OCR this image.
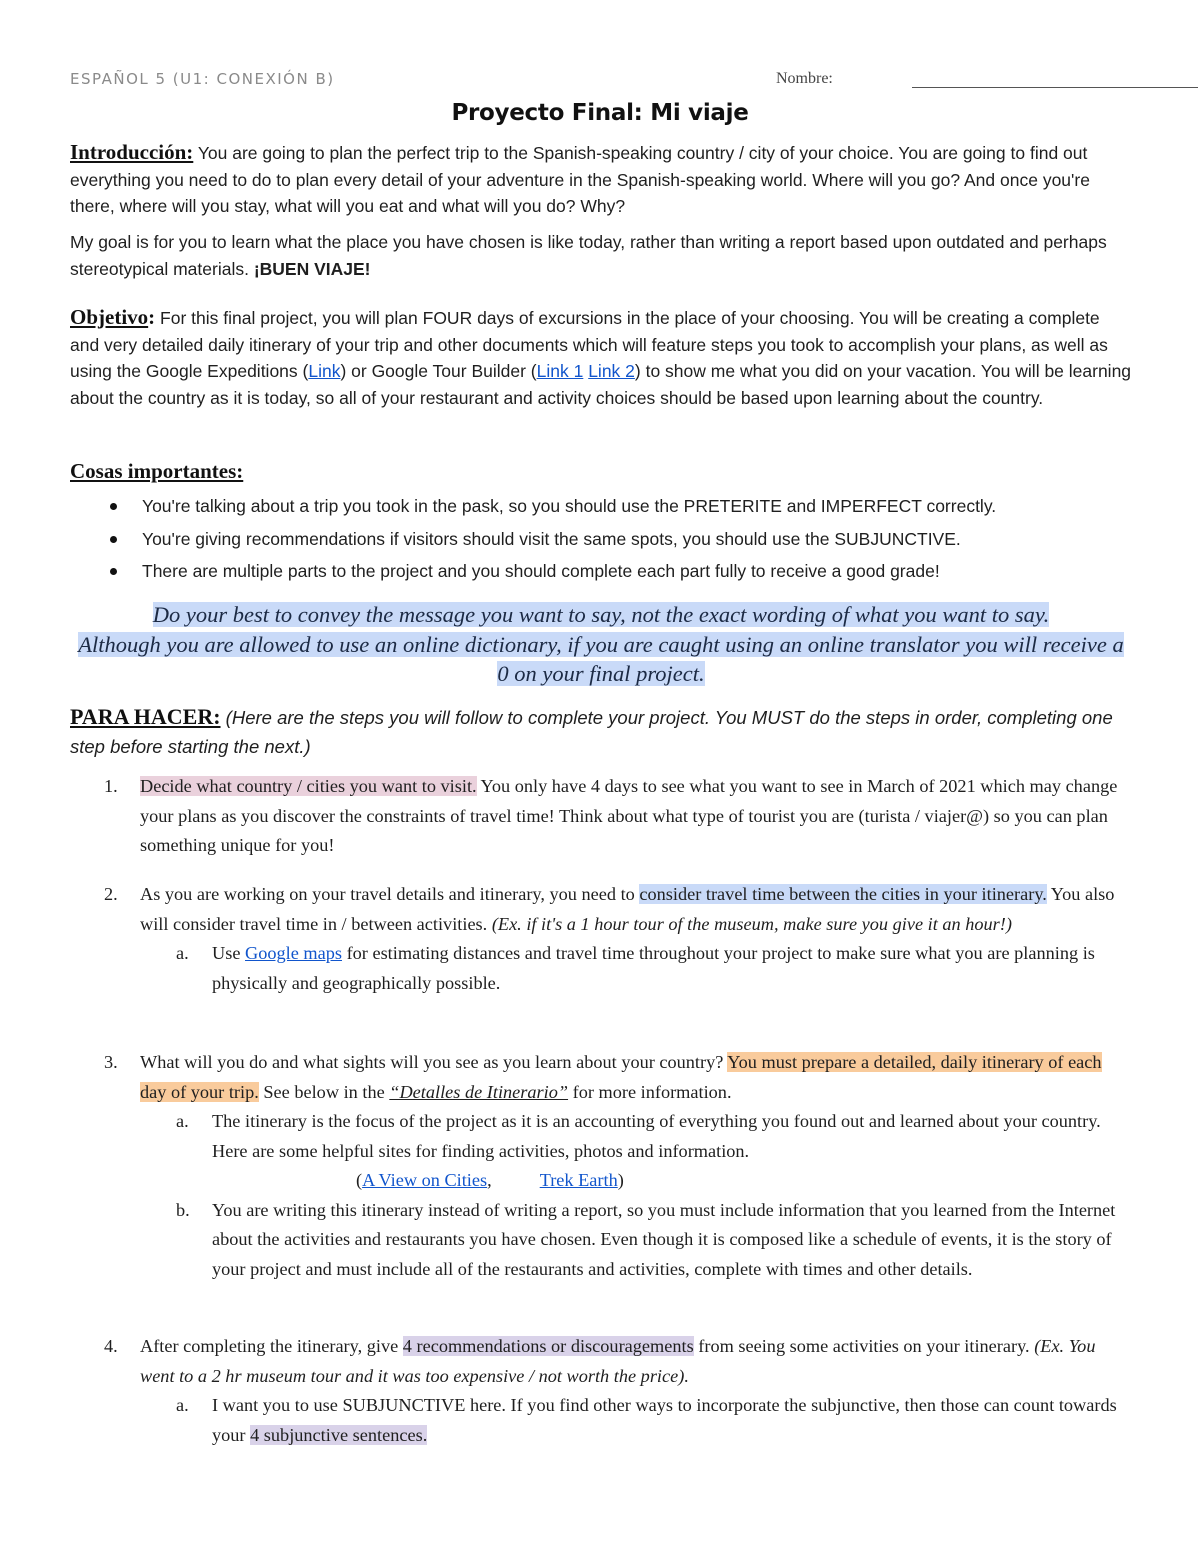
ESPAÑOL 5 (U1: CONEXIÓN B)	Nombre:
Proyecto Final: Mi viaje
Introducción: You are going to plan the perfect trip to the Spanish-speaking country / city of your choice. You are going to find out everything you need to do to plan every detail of your adventure in the Spanish-speaking world. Where will you go? And once you're there, where will you stay, what will you eat and what will you do? Why?
My goal is for you to learn what the place you have chosen is like today, rather than writing a report based upon outdated and perhaps stereotypical materials. ¡BUEN VIAJE!
Objetivo: For this final project, you will plan FOUR days of excursions in the place of your choosing. You will be creating a complete and very detailed daily itinerary of your trip and other documents which will feature steps you took to accomplish your plans, as well as using the Google Expeditions (Link) or Google Tour Builder (Link 1 Link 2) to show me what you did on your vacation. You will be learning about the country as it is today, so all of your restaurant and activity choices should be based upon learning about the country.
Cosas importantes:
You're talking about a trip you took in the pask, so you should use the PRETERITE and IMPERFECT correctly.
You're giving recommendations if visitors should visit the same spots, you should use the SUBJUNCTIVE.
There are multiple parts to the project and you should complete each part fully to receive a good grade!
Do your best to convey the message you want to say, not the exact wording of what you want to say.
Although you are allowed to use an online dictionary, if you are caught using an online translator you will receive a 0 on your final project.
PARA HACER: (Here are the steps you will follow to complete your project. You MUST do the steps in order, completing one step before starting the next.)
1. Decide what country / cities you want to visit. You only have 4 days to see what you want to see in March of 2021 which may change your plans as you discover the constraints of travel time! Think about what type of tourist you are (turista / viajer@) so you can plan something unique for you!
2. As you are working on your travel details and itinerary, you need to consider travel time between the cities in your itinerary. You also will consider travel time in / between activities. (Ex. if it's a 1 hour tour of the museum, make sure you give it an hour!)
a. Use Google maps for estimating distances and travel time throughout your project to make sure what you are planning is physically and geographically possible.
3. What will you do and what sights will you see as you learn about your country? You must prepare a detailed, daily itinerary of each day of your trip. See below in the “Detalles de Itinerario” for more information.
a. The itinerary is the focus of the project as it is an accounting of everything you found out and learned about your country. Here are some helpful sites for finding activities, photos and information.
(A View on Cities,	Trek Earth)
b. You are writing this itinerary instead of writing a report, so you must include information that you learned from the Internet about the activities and restaurants you have chosen. Even though it is composed like a schedule of events, it is the story of your project and must include all of the restaurants and activities, complete with times and other details.
4. After completing the itinerary, give 4 recommendations or discouragements from seeing some activities on your itinerary. (Ex. You went to a 2 hr museum tour and it was too expensive / not worth the price).
a. I want you to use SUBJUNCTIVE here. If you find other ways to incorporate the subjunctive, then those can count towards your 4 subjunctive sentences.
